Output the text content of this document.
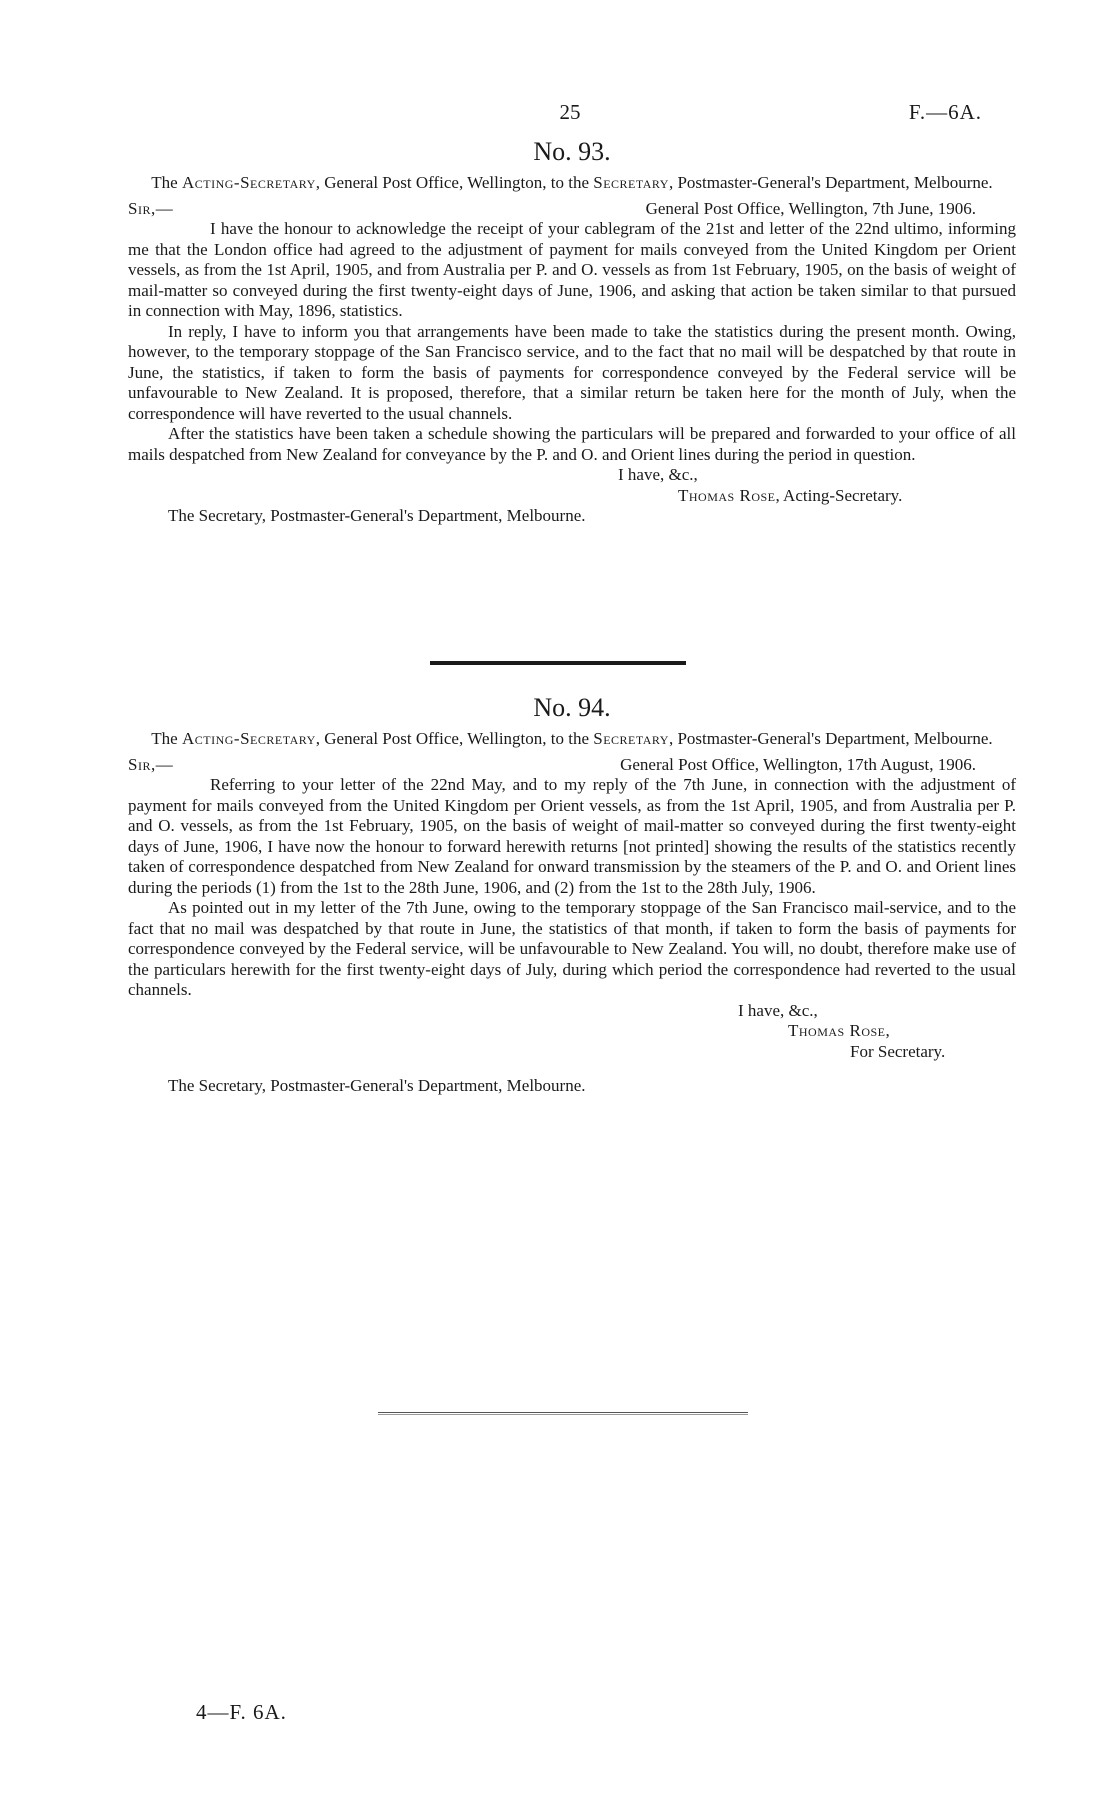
25	F.—6A.
No. 93.
The Acting-Secretary, General Post Office, Wellington, to the Secretary, Postmaster-General's Department, Melbourne.
Sir,—	General Post Office, Wellington, 7th June, 1906.

I have the honour to acknowledge the receipt of your cablegram of the 21st and letter of the 22nd ultimo, informing me that the London office had agreed to the adjustment of payment for mails conveyed from the United Kingdom per Orient vessels, as from the 1st April, 1905, and from Australia per P. and O. vessels as from 1st February, 1905, on the basis of weight of mail-matter so conveyed during the first twenty-eight days of June, 1906, and asking that action be taken similar to that pursued in connection with May, 1896, statistics.

In reply, I have to inform you that arrangements have been made to take the statistics during the present month. Owing, however, to the temporary stoppage of the San Francisco service, and to the fact that no mail will be despatched by that route in June, the statistics, if taken to form the basis of payments for correspondence conveyed by the Federal service will be unfavourable to New Zealand. It is proposed, therefore, that a similar return be taken here for the month of July, when the correspondence will have reverted to the usual channels.

After the statistics have been taken a schedule showing the particulars will be prepared and forwarded to your office of all mails despatched from New Zealand for conveyance by the P. and O. and Orient lines during the period in question.

I have, &c.,
Thomas Rose, Acting-Secretary.
The Secretary, Postmaster-General's Department, Melbourne.
No. 94.
The Acting-Secretary, General Post Office, Wellington, to the Secretary, Postmaster-General's Department, Melbourne.
Sir,—	General Post Office, Wellington, 17th August, 1906.

Referring to your letter of the 22nd May, and to my reply of the 7th June, in connection with the adjustment of payment for mails conveyed from the United Kingdom per Orient vessels, as from the 1st April, 1905, and from Australia per P. and O. vessels, as from the 1st February, 1905, on the basis of weight of mail-matter so conveyed during the first twenty-eight days of June, 1906, I have now the honour to forward herewith returns [not printed] showing the results of the statistics recently taken of correspondence despatched from New Zealand for onward transmission by the steamers of the P. and O. and Orient lines during the periods (1) from the 1st to the 28th June, 1906, and (2) from the 1st to the 28th July, 1906.

As pointed out in my letter of the 7th June, owing to the temporary stoppage of the San Francisco mail-service, and to the fact that no mail was despatched by that route in June, the statistics of that month, if taken to form the basis of payments for correspondence conveyed by the Federal service, will be unfavourable to New Zealand. You will, no doubt, therefore make use of the particulars herewith for the first twenty-eight days of July, during which period the correspondence had reverted to the usual channels.

I have, &c.,
Thomas Rose,
For Secretary.
The Secretary, Postmaster-General's Department, Melbourne.
4—F. 6A.
